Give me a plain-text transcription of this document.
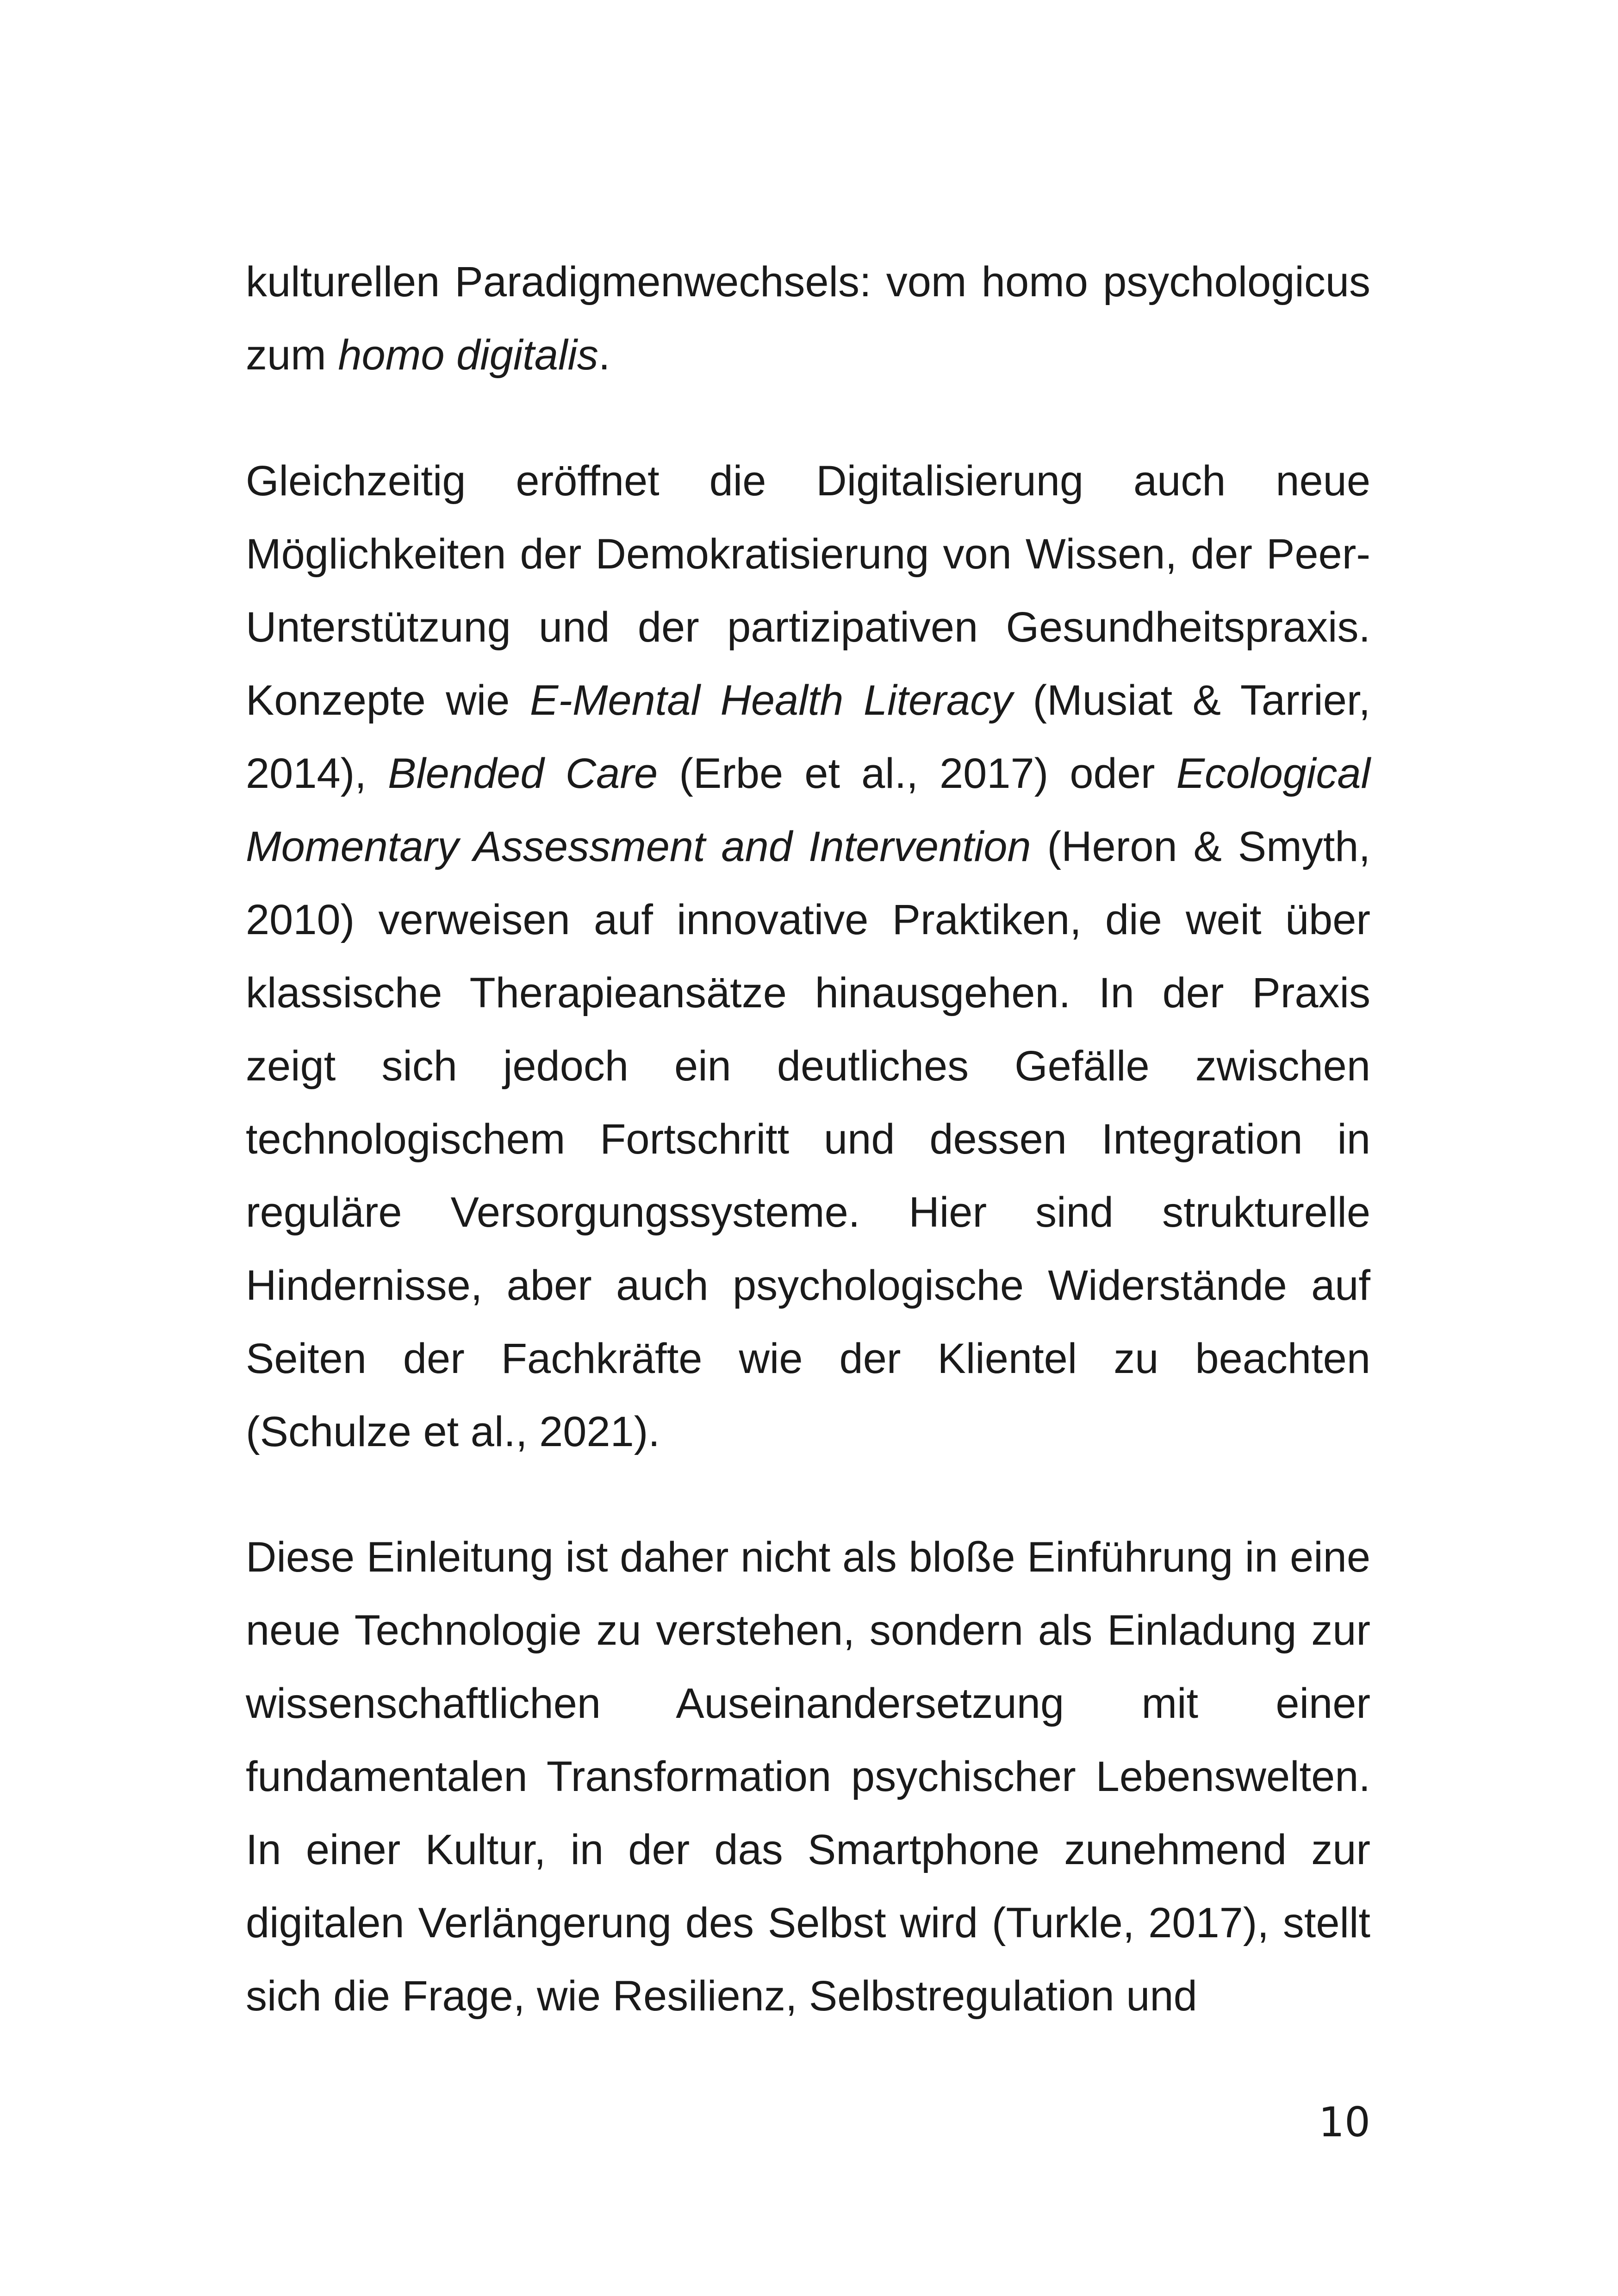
kulturellen Paradigmenwechsels: vom homo psychologicus zum homo digitalis.

Gleichzeitig eröffnet die Digitalisierung auch neue Möglichkeiten der Demokratisierung von Wissen, der Peer-Unterstützung und der partizipativen Gesundheitspraxis. Konzepte wie E-Mental Health Literacy (Musiat & Tarrier, 2014), Blended Care (Erbe et al., 2017) oder Ecological Momentary Assessment and Intervention (Heron & Smyth, 2010) verweisen auf innovative Praktiken, die weit über klassische Therapieansätze hinausgehen. In der Praxis zeigt sich jedoch ein deutliches Gefälle zwischen technologischem Fortschritt und dessen Integration in reguläre Versorgungssysteme. Hier sind strukturelle Hindernisse, aber auch psychologische Widerstände auf Seiten der Fachkräfte wie der Klientel zu beachten (Schulze et al., 2021).

Diese Einleitung ist daher nicht als bloße Einführung in eine neue Technologie zu verstehen, sondern als Einladung zur wissenschaftlichen Auseinandersetzung mit einer fundamentalen Transformation psychischer Lebenswelten. In einer Kultur, in der das Smartphone zunehmend zur digitalen Verlängerung des Selbst wird (Turkle, 2017), stellt sich die Frage, wie Resilienz, Selbstregulation und

10
